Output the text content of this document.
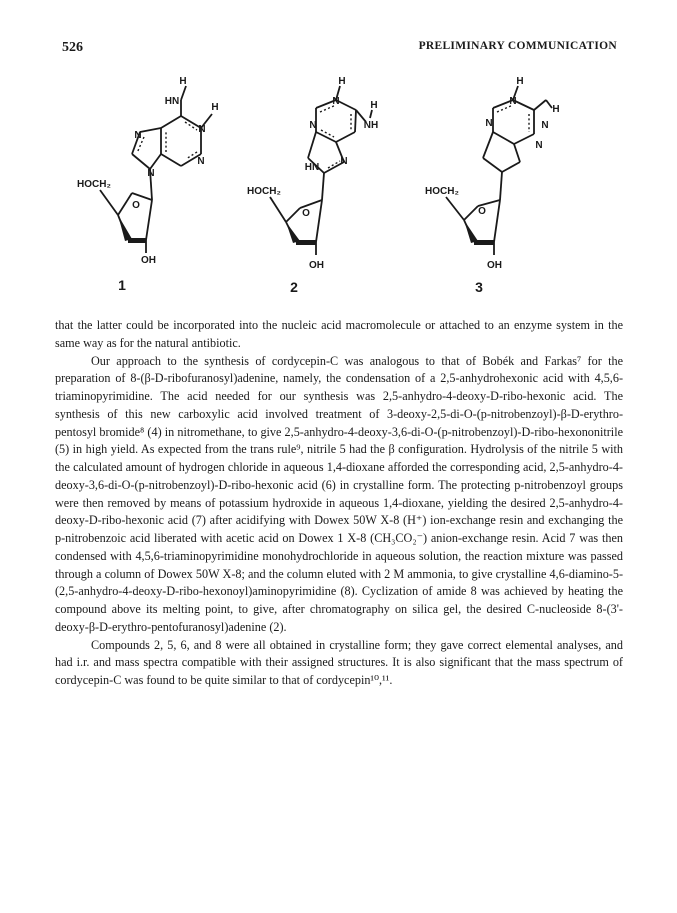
526	PRELIMINARY COMMUNICATION
H
HN
H
N
N
N
N
O
HOCH₂
OH
1
H
N	H
NH
N
N
HN
O
HOCH₂
OH
2
H
N
H
N
N
N
O
HOCH₂
OH
3

that the latter could be incorporated into the nucleic acid macromolecule or attached to an enzyme system in the same way as for the natural antibiotic.

Our approach to the synthesis of cordycepin-C was analogous to that of Bobék and Farkas⁷ for the preparation of 8-(β-D-ribofuranosyl)adenine, namely, the condensation of a 2,5-anhydrohexonic acid with 4,5,6-triaminopyrimidine. The acid needed for our synthesis was 2,5-anhydro-4-deoxy-D-ribo-hexonic acid. The synthesis of this new carboxylic acid involved treatment of 3-deoxy-2,5-di-O-(p-nitrobenzoyl)-β-D-erythro-pentosyl bromide⁸ (4) in nitromethane, to give 2,5-anhydro-4-deoxy-3,6-di-O-(p-nitrobenzoyl)-D-ribo-hexononitrile (5) in high yield. As expected from the trans rule⁹, nitrile 5 had the β configuration. Hydrolysis of the nitrile 5 with the calculated amount of hydrogen chloride in aqueous 1,4-dioxane afforded the corresponding acid, 2,5-anhydro-4-deoxy-3,6-di-O-(p-nitrobenzoyl)-D-ribo-hexonic acid (6) in crystalline form. The protecting p-nitrobenzoyl groups were then removed by means of potassium hydroxide in aqueous 1,4-dioxane, yielding the desired 2,5-anhydro-4-deoxy-D-ribo-hexonic acid (7) after acidifying with Dowex 50W X-8 (H⁺) ion-exchange resin and exchanging the p-nitrobenzoic acid liberated with acetic acid on Dowex 1 X-8 (CH₃CO₂⁻) anion-exchange resin. Acid 7 was then condensed with 4,5,6-triaminopyrimidine monohydrochloride in aqueous solution, the reaction mixture was passed through a column of Dowex 50W X-8; and the column eluted with 2 M ammonia, to give crystalline 4,6-diamino-5-(2,5-anhydro-4-deoxy-D-ribo-hexonoyl)aminopyrimidine (8). Cyclization of amide 8 was achieved by heating the compound above its melting point, to give, after chromatography on silica gel, the desired C-nucleoside 8-(3'-deoxy-β-D-erythro-pentofuranosyl)adenine (2).

Compounds 2, 5, 6, and 8 were all obtained in crystalline form; they gave correct elemental analyses, and had i.r. and mass spectra compatible with their assigned structures. It is also significant that the mass spectrum of cordycepin-C was found to be quite similar to that of cordycepin¹⁰,¹¹.
